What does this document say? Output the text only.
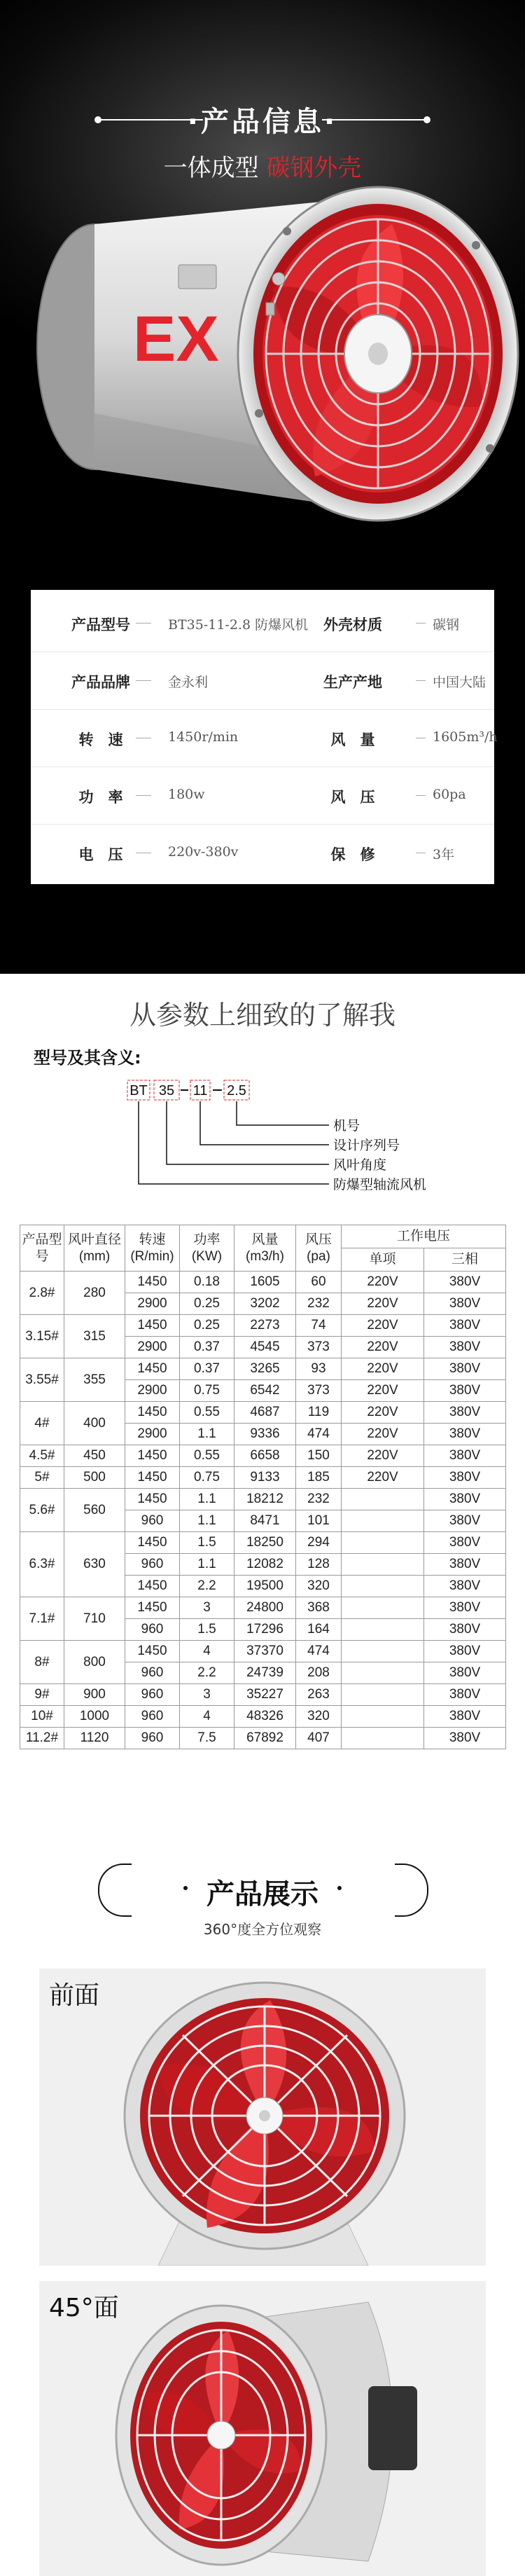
·产品信息·
一体成型 碳钢外壳
EX
产品型号	BT35-11-2.8 防爆风机	外壳材质	碳钢
产品品牌	金永利	生产产地	中国大陆
转　速	1450r/min	风　量	1605m³/h
功　率	180w	风　压	60pa
电　压	220v-380v	保　修	3年
从参数上细致的了解我
型号及其含义:
BT 35 11 2.5
机号
设计序列号
风叶角度
防爆型轴流风机
产品型号	风叶直径(mm)	转速(R/min)	功率(KW)	风量(m3/h)	风压(pa)	工作电压	
						单项	三相
2.8#	280	1450	0.18	1605	60	220V	380V
		2900	0.25	3202	232	220V	380V
3.15#	315	1450	0.25	2273	74	220V	380V
		2900	0.37	4545	373	220V	380V
3.55#	355	1450	0.37	3265	93	220V	380V
		2900	0.75	6542	373	220V	380V
4#	400	1450	0.55	4687	119	220V	380V
		2900	1.1	9336	474	220V	380V
4.5#	450	1450	0.55	6658	150	220V	380V
5#	500	1450	0.75	9133	185	220V	380V
5.6#	560	1450	1.1	18212	232		380V
		960	1.1	8471	101		380V
6.3#	630	1450	1.5	18250	294		380V
		960	1.1	12082	128		380V
		1450	2.2	19500	320		380V
7.1#	710	1450	3	24800	368		380V
		960	1.5	17296	164		380V
8#	800	1450	4	37370	474		380V
		960	2.2	24739	208		380V
9#	900	960	3	35227	263		380V
10#	1000	960	4	48326	320		380V
11.2#	1120	960	7.5	67892	407		380V
产品展示
360°度全方位观察
前面
45°面
